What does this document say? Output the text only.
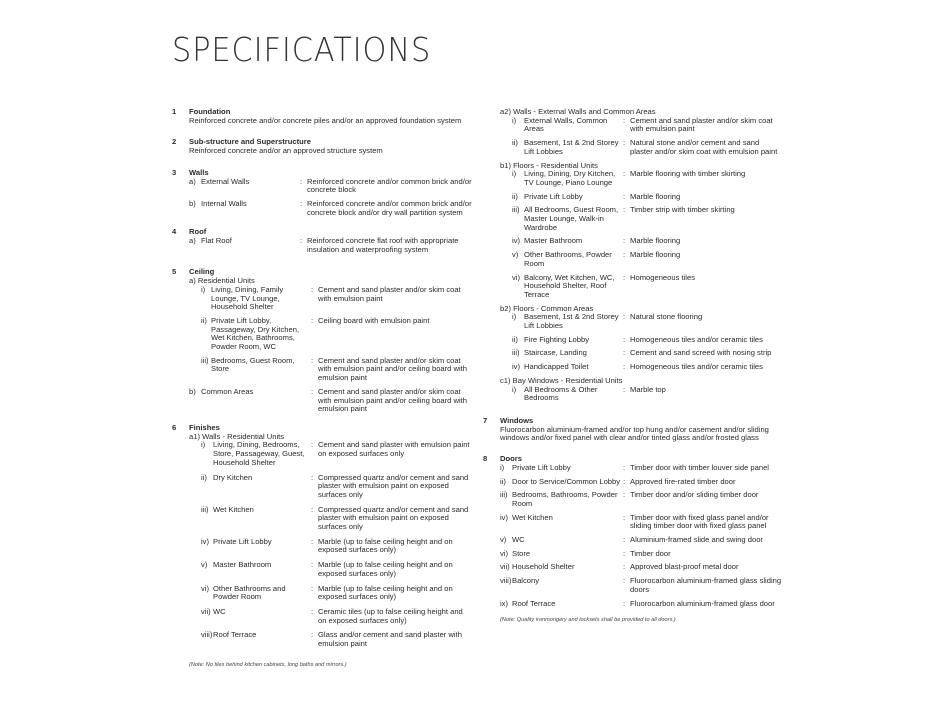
SPECIFICATIONS
1 Foundation
Reinforced concrete and/or concrete piles and/or an approved foundation system
2 Sub-structure and Superstructure
Reinforced concrete and/or an approved structure system
3 Walls
a) External Walls	: Reinforced concrete and/or common brick and/or concrete block
b) Internal Walls	: Reinforced concrete and/or common brick and/or concrete block and/or dry wall partition system
4 Roof
a) Flat Roof	: Reinforced concrete flat roof with appropriate insulation and waterproofing system
5 Ceiling
a) Residential Units
i) Living, Dining, Family Lounge, TV Lounge, Household Shelter
: Cement and sand plaster and/or skim coat with emulsion paint
ii) Private Lift Lobby, Passageway, Dry Kitchen, Wet Kitchen, Bathrooms, Powder Room, WC
: Ceiling board with emulsion paint
iii) Bedrooms, Guest Room, Store
: Cement and sand plaster and/or skim coat with emulsion paint and/or ceiling board with emulsion paint
b) Common Areas	: Cement and sand plaster and/or skim coat with emulsion paint and/or ceiling board with emulsion paint
6 Finishes
a1) Walls - Residential Units
i)	Living, Dining, Bedrooms, Store, Passageway, Guest, Household Shelter
: Cement and sand plaster with emulsion paint on exposed surfaces only
ii) Dry Kitchen	: Compressed quartz and/or cement and sand plaster with emulsion paint on exposed surfaces only
iii) Wet Kitchen	: Compressed quartz and/or cement and sand plaster with emulsion paint on exposed surfaces only
iv) Private Lift Lobby	: Marble (up to false ceiling height and on exposed surfaces only)
v) Master Bathroom	: Marble (up to false ceiling height and on exposed surfaces only)
vi) Other Bathrooms and Powder Room
: Marble (up to false ceiling height and on exposed surfaces only)
vii) WC	: Ceramic tiles (up to false ceiling height and on exposed surfaces only)
viii) Roof Terrace	: Glass and/or cement and sand plaster with emulsion paint
(Note: No tiles behind kitchen cabinets, long baths and mirrors.)
a2) Walls - External Walls and Common Areas
i)	External Walls, Common Areas
: Cement and sand plaster and/or skim coat with emulsion paint
ii) Basement, 1st & 2nd Storey Lift Lobbies
: Natural stone and/or cement and sand plaster and/or skim coat with emulsion paint
b1) Floors - Residential Units
i)	Living, Dining, Dry Kitchen, TV Lounge, Piano Lounge
: Marble flooring with timber skirting
ii) Private Lift Lobby	: Marble flooring
iii) All Bedrooms, Guest Room, Master Lounge, Walk-in Wardrobe
: Timber strip with timber skirting
iv) Master Bathroom	: Marble flooring
v) Other Bathrooms, Powder Room
: Marble flooring
vi) Balcony, Wet Kitchen, WC, Household Shelter, Roof Terrace
: Homogeneous tiles
b2) Floors - Common Areas
i)	Basement, 1st & 2nd Storey Lift Lobbies
: Natural stone flooring
ii) Fire Fighting Lobby	: Homogeneous tiles and/or ceramic tiles
iii) Staircase, Landing	: Cement and sand screed with nosing strip
iv) Handicapped Toilet	: Homogeneous tiles and/or ceramic tiles
c1) Bay Windows - Residential Units
i)	All Bedrooms & Other Bedrooms
: Marble top
7 Windows
Fluorocarbon aluminium-framed and/or top hung and/or casement and/or sliding windows and/or fixed panel with clear and/or tinted glass and/or frosted glass
8 Doors
i)	Private Lift Lobby	: Timber door with timber louver side panel
ii) Door to Service/Common Lobby : Approved fire-rated timber door
iii) Bedrooms, Bathrooms, Powder Room
: Timber door and/or sliding timber door
iv) Wet Kitchen	: Timber door with fixed glass panel and/or sliding timber door with fixed glass panel
v) WC	: Aluminium-framed slide and swing door
vi) Store	: Timber door
vii) Household Shelter	: Approved blast-proof metal door
viii) Balcony	: Fluorocarbon aluminium-framed glass sliding doors
ix) Roof Terrace	: Fluorocarbon aluminium-framed glass door
(Note: Quality ironmongery and locksets shall be provided to all doors.)
